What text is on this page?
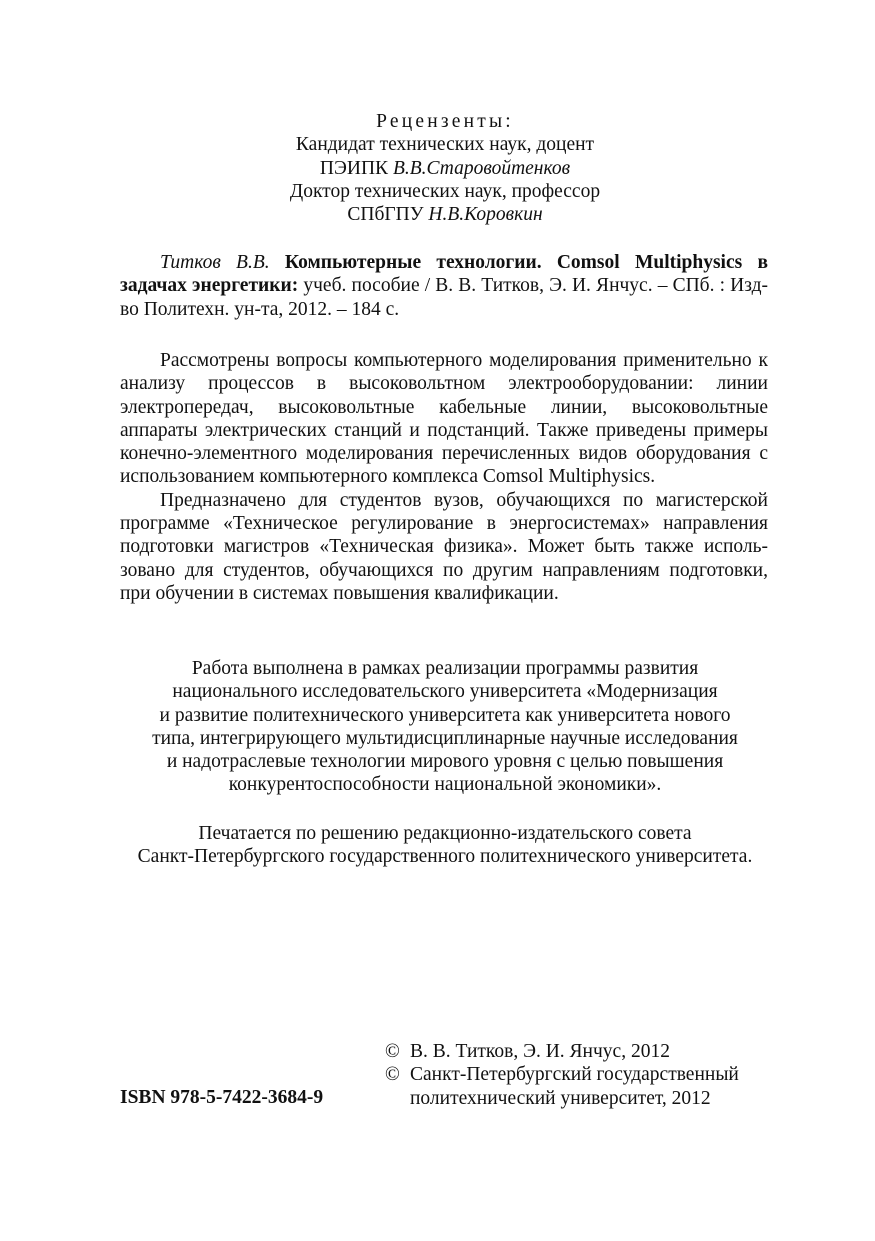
Рецензенты:
Кандидат технических наук, доцент
ПЭИПК В.В.Старовойтенков
Доктор технических наук, профессор
СПбГПУ Н.В.Коровкин
Титков В.В. Компьютерные технологии. Comsol Multiphysics в задачах энергетики: учеб. пособие / В. В. Титков, Э. И. Янчус. – СПб. : Изд-во Политехн. ун-та, 2012. – 184 с.

Рассмотрены вопросы компьютерного моделирования применительно к анализу процессов в высоковольтном электрооборудовании: линии электропередач, высоковольтные кабельные линии, высоковольтные аппараты электрических станций и подстанций. Также приведены примеры конечно-элементного моделирования перечисленных видов оборудования с использованием компьютерного комплекса Comsol Multiphysics.

Предназначено для студентов вузов, обучающихся по магистерской программе «Техническое регулирование в энергосистемах» направления подготовки магистров «Техническая физика». Может быть также использовано для студентов, обучающихся по другим направлениям подготовки, при обучении в системах повышения квалификации.

Работа выполнена в рамках реализации программы развития
национального исследовательского университета «Модернизация
и развитие политехнического университета как университета нового
типа, интегрирующего мультидисциплинарные научные исследования
и надотраслевые технологии мирового уровня с целью повышения
конкурентоспособности национальной экономики».
Печатается по решению редакционно-издательского совета
Санкт-Петербургского государственного политехнического университета.
© В. В. Титков, Э. И. Янчус, 2012
© Санкт-Петербургский государственный
политехнический университет, 2012
ISBN 978-5-7422-3684-9
